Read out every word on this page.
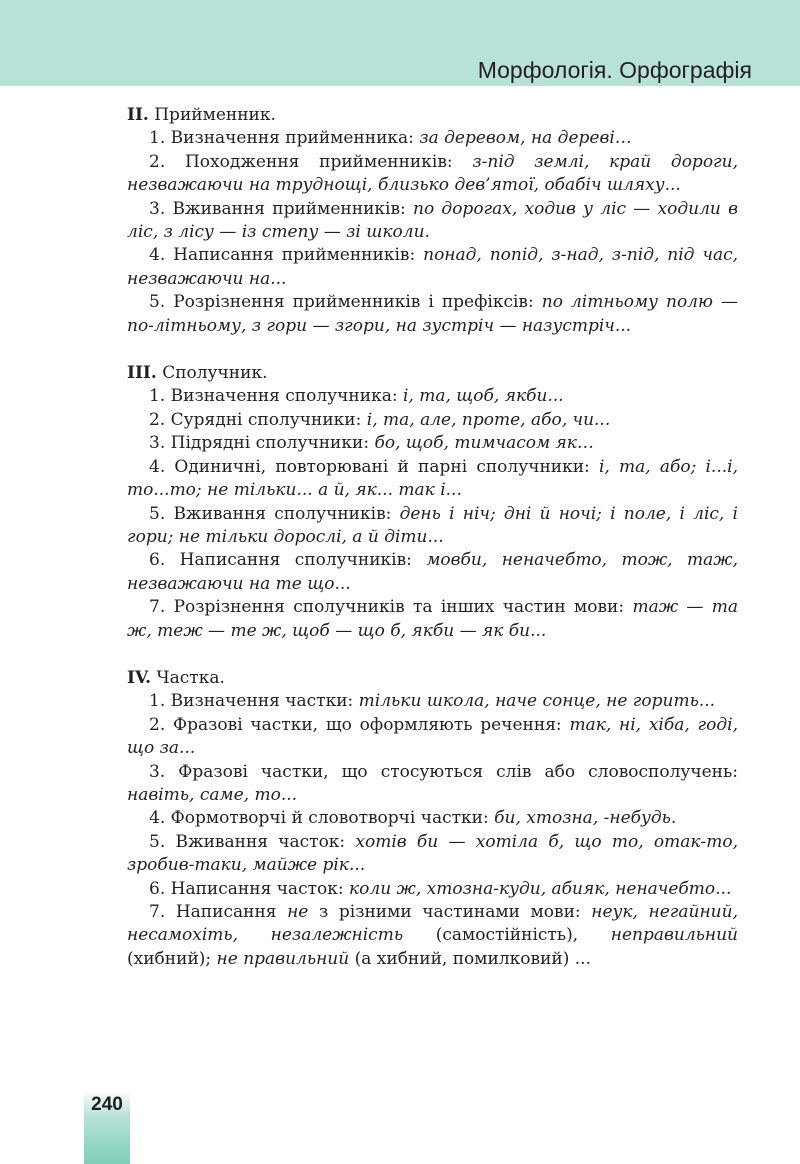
Морфологія. Орфографія

II. Прийменник.

1. Визначення прийменника: за деревом, на дереві…

2. Походження прийменників: з-під землі, край дороги, незважаючи на труднощі, близько дев’ятої, обабіч шляху...

3. Вживання прийменників: по дорогах, ходив у ліс — ходили в ліс, з лісу — із степу — зі школи.

4. Написання прийменників: понад, попід, з-над, з-під, під час, незважаючи на...

5. Розрізнення прийменників і префіксів: по літньому полю — по-літньому, з гори — згори, на зустріч — назустріч...

III. Сполучник.

1. Визначення сполучника: і, та, щоб, якби...

2. Сурядні сполучники: і, та, але, проте, або, чи...

3. Підрядні сполучники: бо, щоб, тимчасом як…

4. Одиничні, повторювані й парні сполучники: і, та, або; і...і, то...то; не тільки... а й, як... так і...

5. Вживання сполучників: день і ніч; дні й ночі; і поле, і ліс, і гори; не тільки дорослі, а й діти...

6. Написання сполучників: мовби, неначебто, тож, таж, незважаючи на те що...

7. Розрізнення сполучників та інших частин мови: таж — та ж, теж — те ж, щоб — що б, якби — як би...

IV. Частка.

1. Визначення частки: тільки школа, наче сонце, не горить...

2. Фразові частки, що оформляють речення: так, ні, хіба, годі, що за...

3. Фразові частки, що стосуються слів або словосполучень: навіть, саме, то...

4. Формотворчі й словотворчі частки: би, хтозна, -небудь.

5. Вживання часток: хотів би — хотіла б, що то, отак-то, зробив-таки, майже рік...

6. Написання часток: коли ж, хтозна-куди, абияк, неначебто...

7. Написання не з різними частинами мови: неук, негайний, несамохіть, незалежність (самостійність), неправильний (хибний); не правильний (а хибний, помилковий) ...

240
